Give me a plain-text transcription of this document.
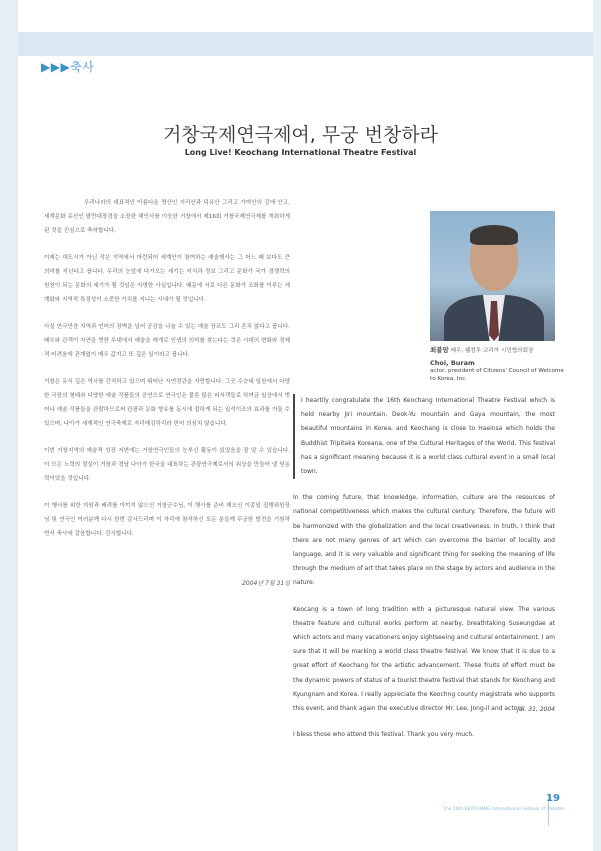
▶▶▶축사
거창국제연극제여, 무궁 번창하라
Long Live! Keochang International Theatre Festival

우리나라의 대표적인 아름다운 명산인 지리산과 덕유산 그리고 가야산의 강에 안고, 세계문화 유산인 팔만대장경을 소장한 해인사를 이웃한 거창에서 제16회 거창국제연극제를 개최하게 된 것을 진심으로 축하합니다.

이제는 대도시가 아닌 작은 지역에서 마련되어 세계인이 참여하는 예술행사는 그 어느 때 보다도 큰 의미를 지닌다고 봅니다. 우리의 눈앞에 다가오는 세기는 지식과 정보 그리고 문화가 국가 경쟁력의 원천이 되는 문화의 세기가 될 것임은 자명한 사실입니다. 때문에 서로 다른 문화가 조화를 이루는 세계화와 지역적 특징성이 소중한 가치를 지니는 시대가 될 것입니다.

사실 연극만큼 지역과 언어의 장벽을 넘어 공감을 나눌 수 있는 예술 장르도 그리 흔치 않다고 봅니다. 배우와 관객이 자연을 벗한 무대에서 예술을 매개로 인생의 의미를 찾는다는 것은 시대의 변화와 경제적 어려움에 관계없이 매우 값지고 또 깊은 일이라고 봅니다.

거창은 유서 깊은 역사를 간직하고 있으며 뛰어난 자연경관을 자랑합니다. 그곳 수승대 일원에서 다양한 극장의 형태와 다양한 예술 작품들의 공연으로 연극인은 물론 많은 피서객들로 하여금 일상에서 벗어나 예술 작품들을 관람하므로써 관광과 문화 향유를 동시에 접하게 되는 일석이조의 효과를 거둘 수 있으며, 나아가 세계적인 연극축제로 자리매김하리라 믿어 의심치 않습니다.

이번 거창지역의 예술적 성장 저변에는 거창연극인들의 눈부신 활동이 있었음을 잘 알 수 있습니다. 이 모든 노력의 결실이 거창과 경남 나아가 한국을 대표하는 관광연극제로서의 위상을 만들어 낼 원동력이었을 것입니다.

이 행사를 위한 지원과 배려를 아끼지 않으신 거창군수님, 이 행사를 준비 해오신 이종일 집행위원장님 및 연극인 여러분께 다시 한번 감사드리며 이 자리에 참석하신 모든 분들께 무궁한 발전을 기원하면서 축사에 갈음합니다. 감사합니다.

2004년 7월 31일
최불암 배우, 웰컴투 코리아 시민협의회장
Choi, Buram
actor, president of Citizens' Council of Welcome to Korea, Inc.

I heartily congratulate the 16th Keochang International Theatre Festival which is held nearby Jiri mountain, Deok-Yu mountain and Gaya mountain, the most beautiful mountains in Korea, and Keochang is close to Haeinsa which holds the Buddhist Tripitaka Koreana, one of the Cultural Heritages of the World. This festival has a significant meaning because it is a world class cultural event in a small local town.

In the coming future, that knowledge, information, culture are the resources of national competitiveness which makes the cultural century. Therefore, the future will be harmonized with the globalization and the local creativeness. In truth, I think that there are not many genres of art which can overcome the barrier of locality and language, and it is very valuable and significant thing for seeking the meaning of life through the medium of art that takes place on the stage by actors and audience in the nature.

Keocang is a town of long tradition with a picturesque natural view. The various theatre feature and cultural works perform at nearby, breathtaking Suseungdae at which actors and many vacationers enjoy sightseeing and cultural entertainment. I am sure that it will be marking a world class theatre festival. We know that it is due to a great effort of Keochang for the artistic advancement. These fruits of effort must be the dynamic powers of status of a tourist theatre festival that stands for Keochang and Kyungnam and Korea. I really appreciate the Keochng county magistrate who supports this event, and thank again the executive director Mr. Lee, Jong-il and actors.

I bless those who attend this festival. Thank you very much.

Jul. 31, 2004
19
The 16th KEOCHANG International Festival of Theatre
